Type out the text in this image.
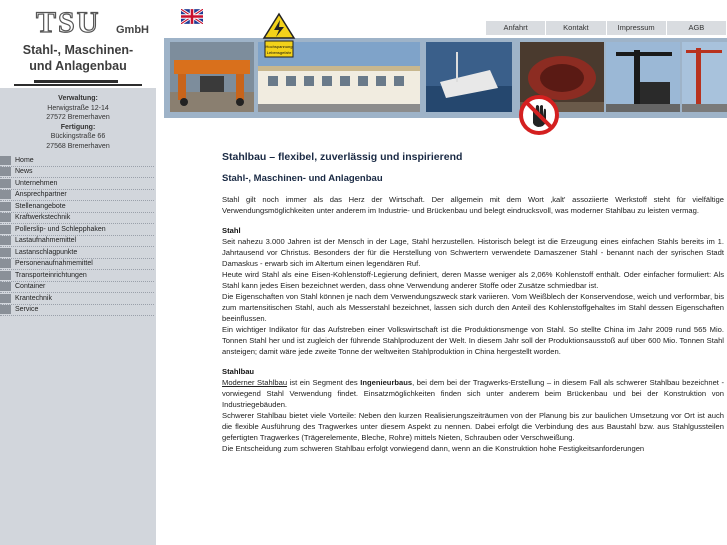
TSU GmbH
Stahl-, Maschinen-
und Anlagenbau
Verwaltung:
Herwigstraße 12-14
27572 Bremerhaven
Fertigung:
Bückingstraße 66
27568 Bremerhaven
Home
News
Unternehmen
Ansprechpartner
Stellenangebote
Kraftwerkstechnik
Pollerslip- und Schlepphaken
Lastaufnahmemittel
Lastanschlagpunkte
Personenaufnahmemittel
Transporteinrichtungen
Container
Krantechnik
Service
Anfahrt	Kontakt	Impressum	AGB
Hochspannung
Lebensgefahr
Stahlbau – flexibel, zuverlässig und inspirierend
Stahl-, Maschinen- und Anlagenbau

Stahl gilt noch immer als das Herz der Wirtschaft. Der allgemein mit dem Wort ‚kalt' assoziierte Werkstoff steht für vielfältige Verwendungsmöglichkeiten unter anderem im Industrie- und Brückenbau und belegt eindrucksvoll, was moderner Stahlbau zu leisten vermag.

Stahl
Seit nahezu 3.000 Jahren ist der Mensch in der Lage, Stahl herzustellen. Historisch belegt ist die Erzeugung eines einfachen Stahls bereits im 1. Jahrtausend vor Christus. Besonders der für die Herstellung von Schwertern verwendete Damaszener Stahl - benannt nach der syrischen Stadt Damaskus - erwarb sich im Altertum einen legendären Ruf.
Heute wird Stahl als eine Eisen-Kohlenstoff-Legierung definiert, deren Masse weniger als 2,06% Kohlenstoff enthält. Oder einfacher formuliert: Als Stahl kann jedes Eisen bezeichnet werden, dass ohne Verwendung anderer Stoffe oder Zusätze schmiedbar ist.
Die Eigenschaften von Stahl können je nach dem Verwendungszweck stark variieren. Vom Weißblech der Konservendose, weich und verformbar, bis zum martensitischen Stahl, auch als Messerstahl bezeichnet, lassen sich durch den Anteil des Kohlenstoffgehaltes im Stahl dessen Eigenschaften beeinflussen.
Ein wichtiger Indikator für das Aufstreben einer Volkswirtschaft ist die Produktionsmenge von Stahl. So stellte China im Jahr 2009 rund 565 Mio. Tonnen Stahl her und ist zugleich der führende Stahlproduzent der Welt. In diesem Jahr soll der Produktionsausstoß auf über 600 Mio. Tonnen Stahl ansteigen; damit wäre jede zweite Tonne der weltweiten Stahlproduktion in China hergestellt worden.
Stahlbau
Moderner Stahlbau ist ein Segment des Ingenieurbaus, bei dem bei der Tragwerks-Erstellung – in diesem Fall als schwerer Stahlbau bezeichnet - vorwiegend Stahl Verwendung findet. Einsatzmöglichkeiten finden sich unter anderem beim Brückenbau und bei der Konstruktion von Industriegebäuden.
Schwerer Stahlbau bietet viele Vorteile: Neben den kurzen Realisierungszeiträumen von der Planung bis zur baulichen Umsetzung vor Ort ist auch die flexible Ausführung des Tragwerkes unter diesem Aspekt zu nennen. Dabei erfolgt die Verbindung des aus Baustahl bzw. aus Stahlgussteilen gefertigten Tragwerkes (Trägerelemente, Bleche, Rohre) mittels Nieten, Schrauben oder Verschweißung.
Die Entscheidung zum schweren Stahlbau erfolgt vorwiegend dann, wenn an die Konstruktion hohe Festigkeitsanforderungen
